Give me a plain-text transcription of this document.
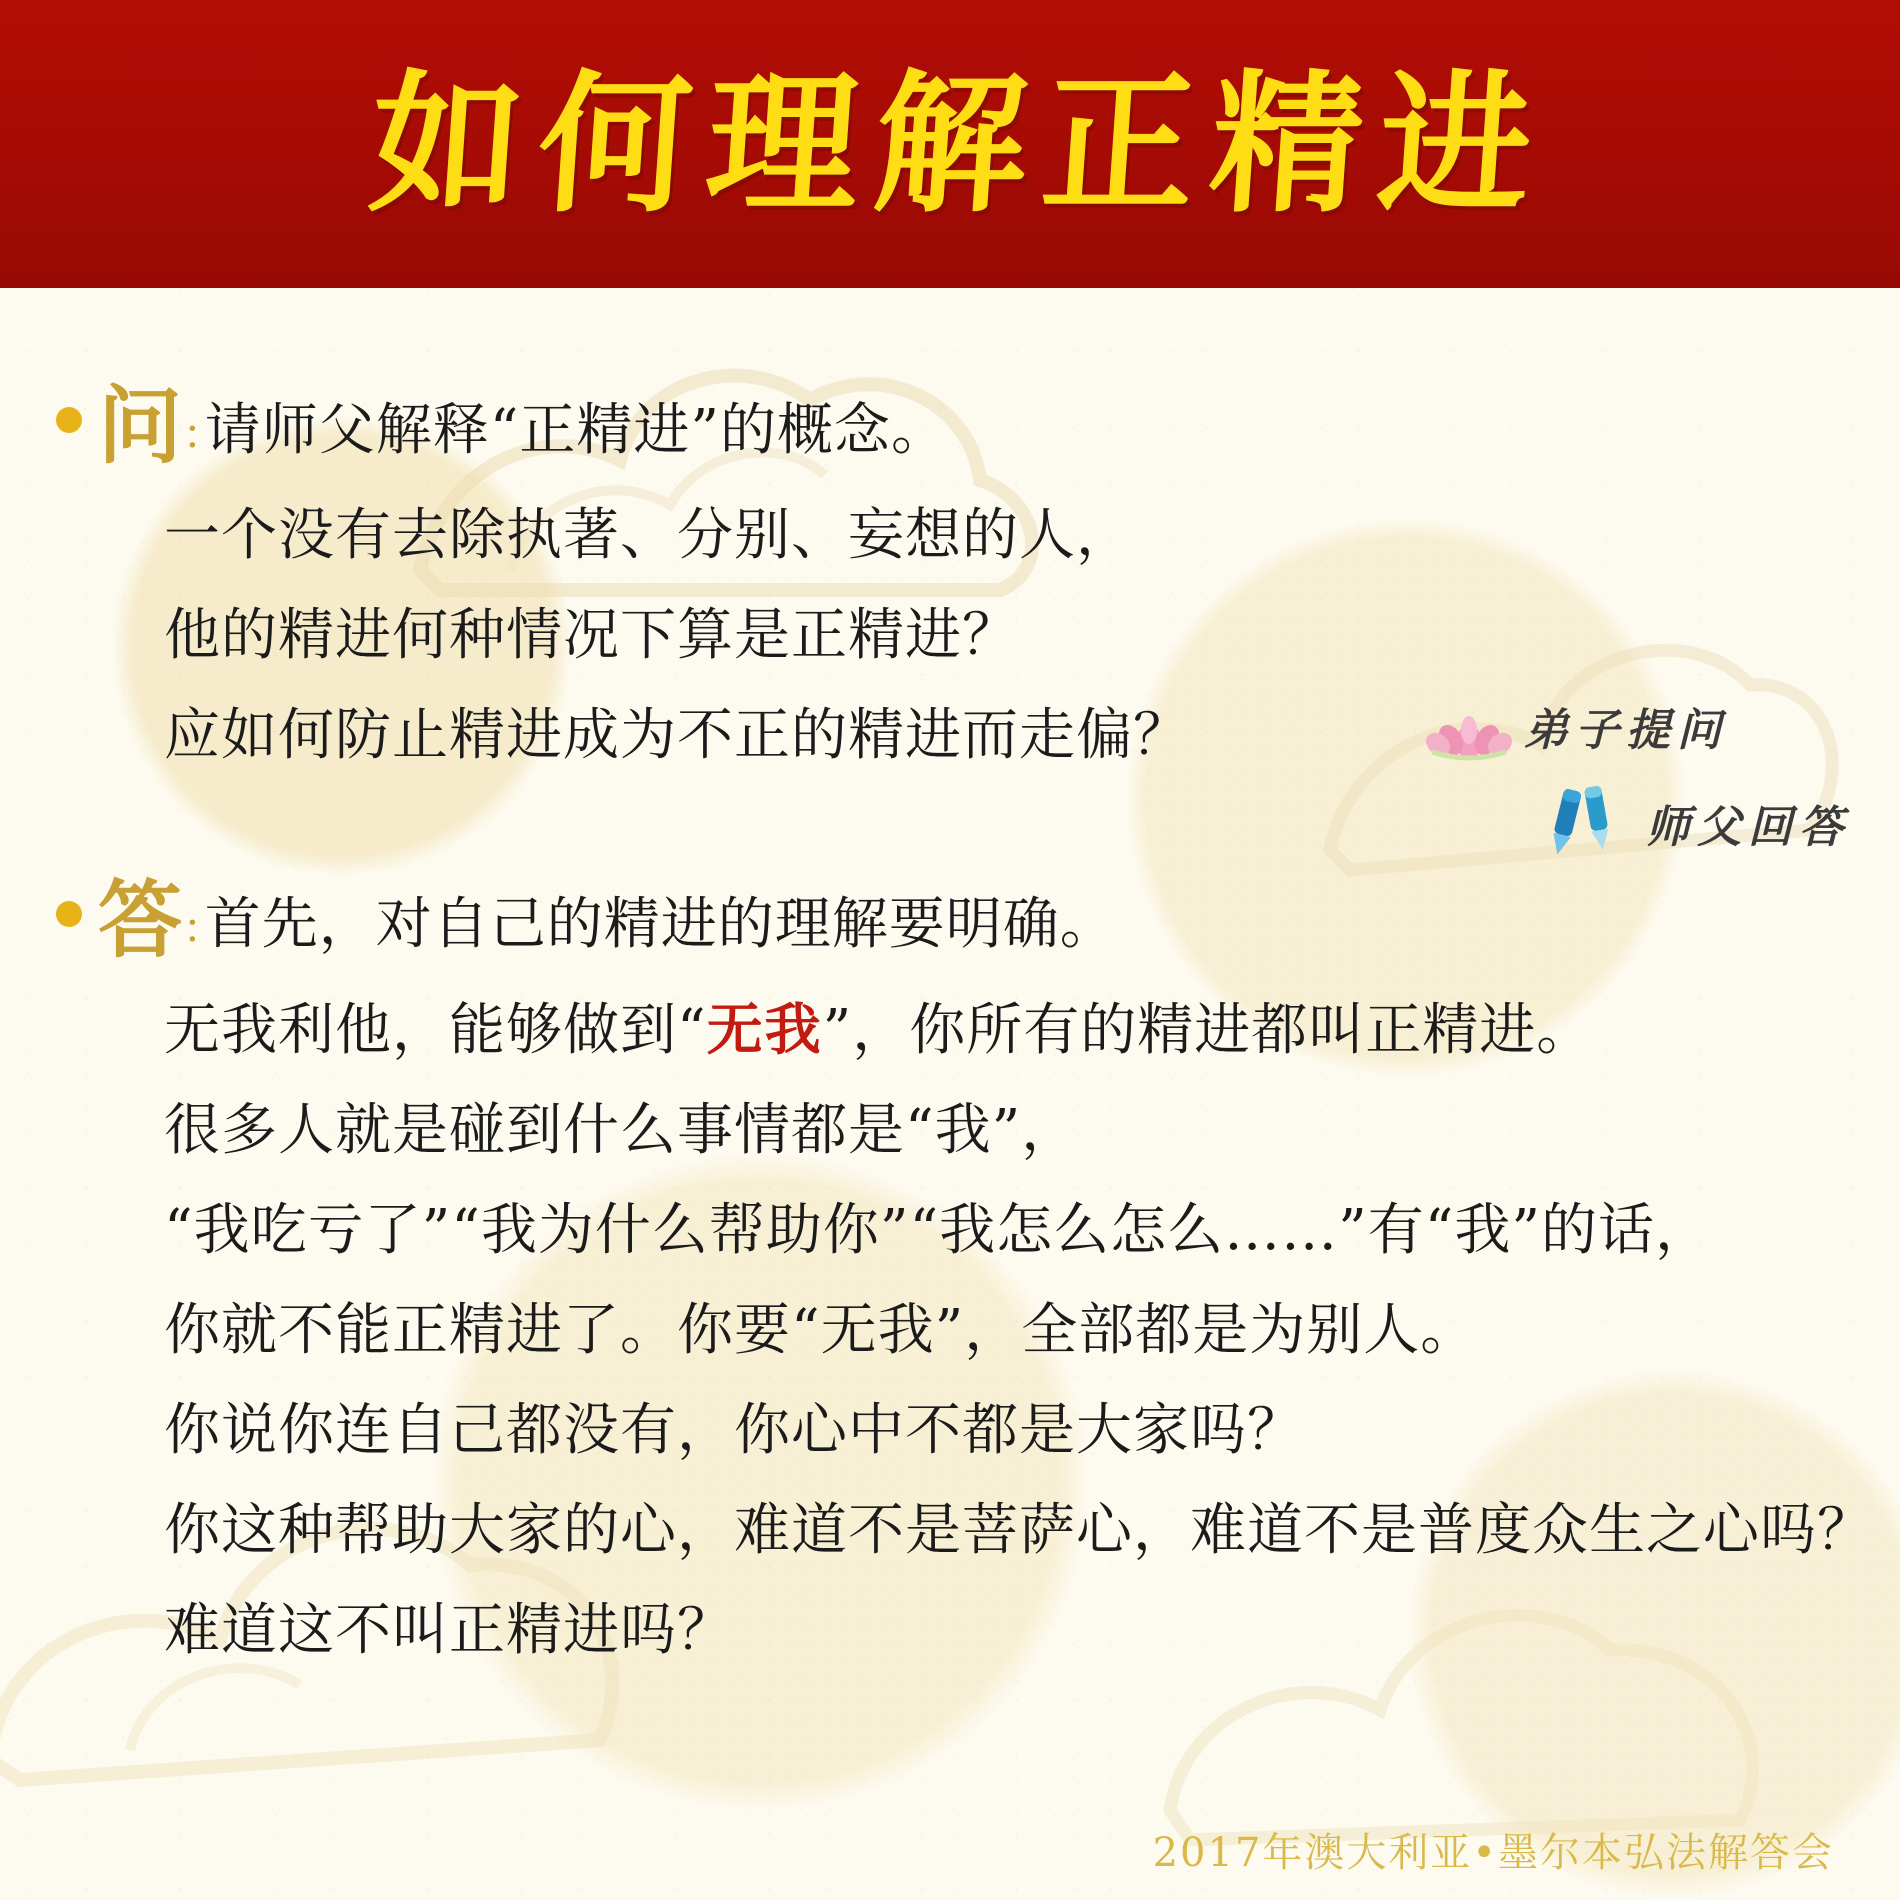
如何理解正精进
问 : 请师父解释“正精进”的概念。
一个没有去除执著、分别、妄想的人，
他的精进何种情况下算是正精进？
应如何防止精进成为不正的精进而走偏？
答 : 首先，对自己的精进的理解要明确。
无我利他，能够做到“无我”，你所有的精进都叫正精进。
很多人就是碰到什么事情都是“我”，
“我吃亏了”“我为什么帮助你”“我怎么怎么……”有“我”的话，
你就不能正精进了。你要“无我”，全部都是为别人。
你说你连自己都没有，你心中不都是大家吗？
你这种帮助大家的心，难道不是菩萨心，难道不是普度众生之心吗？
难道这不叫正精进吗？
弟子提问
师父回答
2017年澳大利亚•墨尔本弘法解答会
